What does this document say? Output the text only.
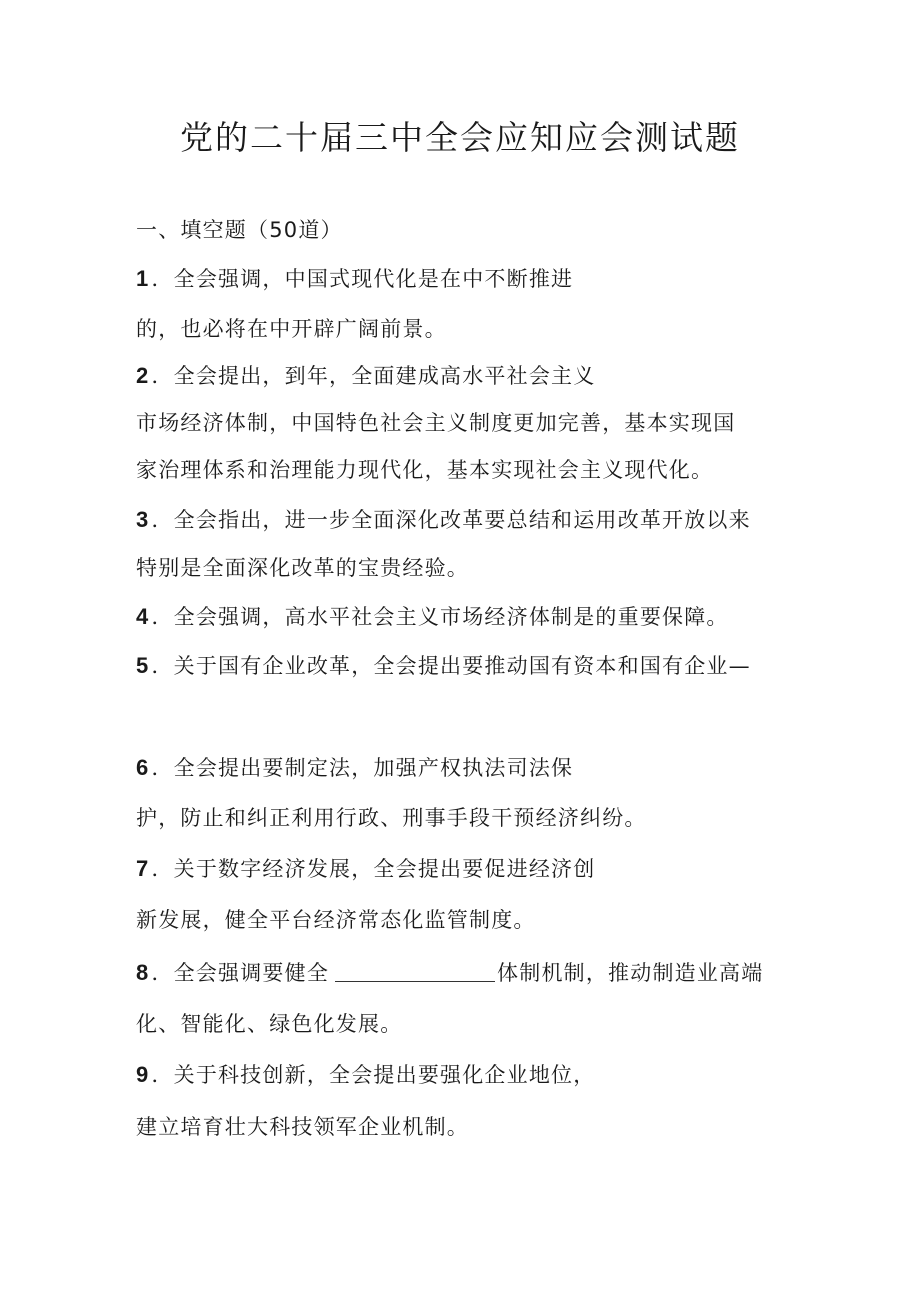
党的二十届三中全会应知应会测试题
一、填空题（50道）
1．全会强调，中国式现代化是在中不断推进
的，也必将在中开辟广阔前景。
2．全会提出，到年，全面建成高水平社会主义
市场经济体制，中国特色社会主义制度更加完善，基本实现国
家治理体系和治理能力现代化，基本实现社会主义现代化。
3．全会指出，进一步全面深化改革要总结和运用改革开放以来
特别是全面深化改革的宝贵经验。
4．全会强调，高水平社会主义市场经济体制是的重要保障。
5．关于国有企业改革，全会提出要推动国有资本和国有企业—
6．全会提出要制定法，加强产权执法司法保
护，防止和纠正利用行政、刑事手段干预经济纠纷。
7．关于数字经济发展，全会提出要促进经济创
新发展，健全平台经济常态化监管制度。
8．全会强调要健全	体制机制，推动制造业高端
化、智能化、绿色化发展。
9．关于科技创新，全会提出要强化企业地位，
建立培育壮大科技领军企业机制。
